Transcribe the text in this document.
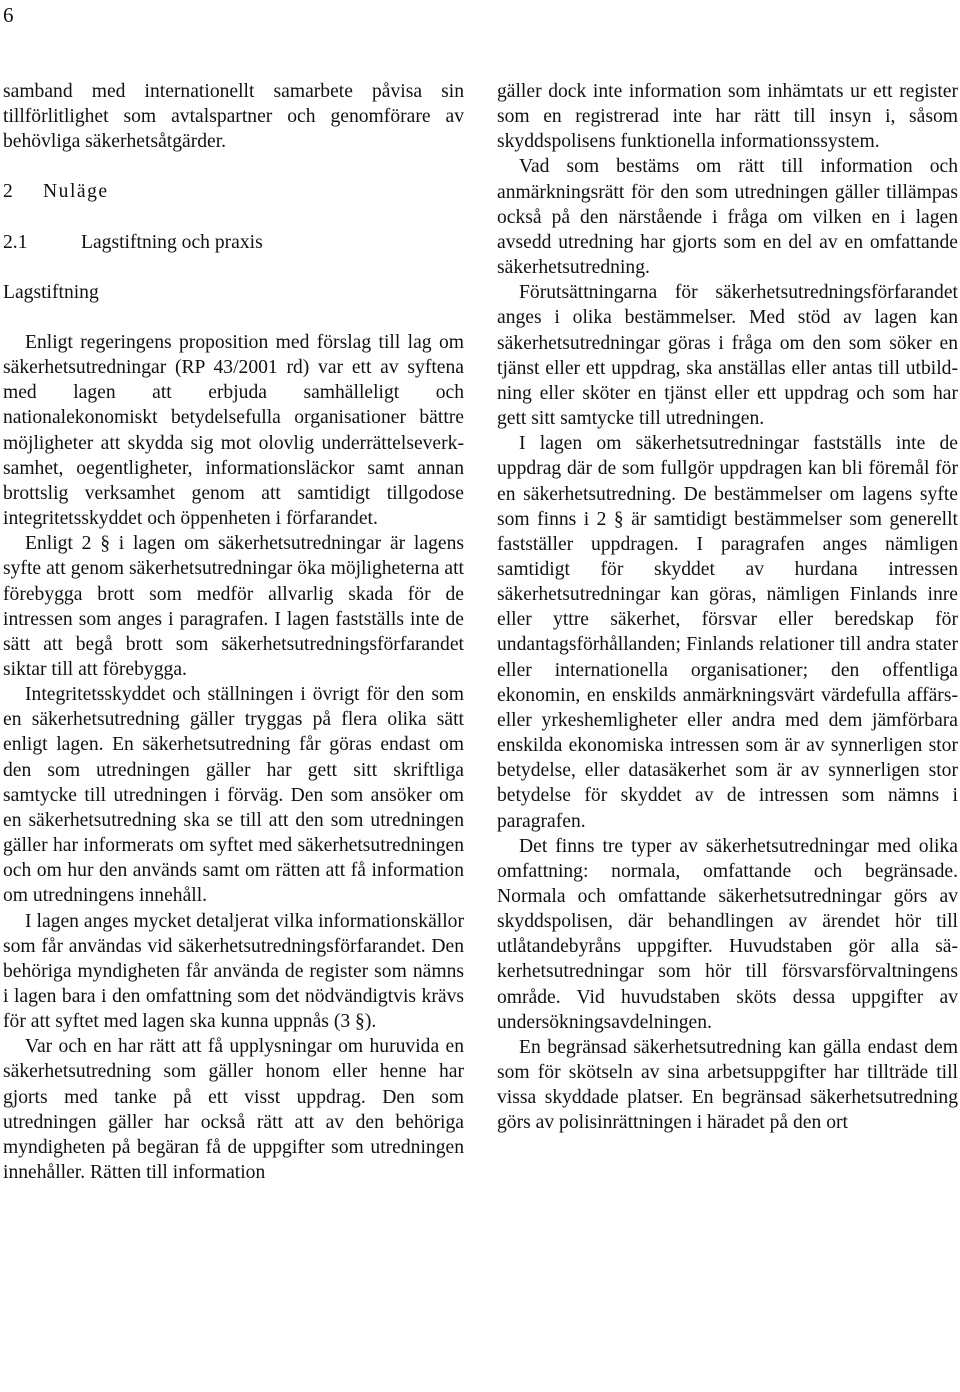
6

samband med internationellt samarbete påvisa sin tillförlitlighet som avtalspartner och genomförare av behövliga säkerhetsåtgärder.

2 Nuläge
2.1	Lagstiftning och praxis
Lagstiftning

Enligt regeringens proposition med förslag till lag om säkerhetsutredningar (RP 43/2001 rd) var ett av syftena med lagen att erbjuda samhälleligt och nationalekonomiskt betydelsefulla organisationer bättre möjligheter att skydda sig mot olovlig underrättelseverksamhet, oegentligheter, informationsläckor samt annan brottslig verksamhet genom att samtidigt tillgodose integritetsskyddet och öppenheten i förfarandet.

Enligt 2 § i lagen om säkerhetsutredningar är lagens syfte att genom säkerhetsutredningar öka möjligheterna att förebygga brott som medför allvarlig skada för de intressen som anges i paragrafen. I lagen fastställs inte de sätt att begå brott som säkerhetsutredningsförfarandet siktar till att förebygga.

Integritetsskyddet och ställningen i övrigt för den som en säkerhetsutredning gäller tryggas på flera olika sätt enligt lagen. En säkerhetsutredning får göras endast om den som utredningen gäller har gett sitt skriftliga samtycke till utredningen i förväg. Den som ansöker om en säkerhetsutredning ska se till att den som utredningen gäller har informerats om syftet med säkerhetsutredningen och om hur den används samt om rätten att få information om utredningens innehåll.

I lagen anges mycket detaljerat vilka informationskällor som får användas vid säkerhetsutredningsförfarandet. Den behöriga myndigheten får använda de register som nämns i lagen bara i den omfattning som det nödvändigtvis krävs för att syftet med lagen ska kunna uppnås (3 §).

Var och en har rätt att få upplysningar om huruvida en säkerhetsutredning som gäller honom eller henne har gjorts med tanke på ett visst uppdrag. Den som utredningen gäller har också rätt att av den behöriga myndigheten på begäran få de uppgifter som utredningen innehåller. Rätten till information

gäller dock inte information som inhämtats ur ett register som en registrerad inte har rätt till insyn i, såsom skyddspolisens funktionella informationssystem.

Vad som bestäms om rätt till information och anmärkningsrätt för den som utredningen gäller tillämpas också på den närstående i fråga om vilken en i lagen avsedd utredning har gjorts som en del av en omfattande säkerhetsutredning.

Förutsättningarna för säkerhetsutredningsförfarandet anges i olika bestämmelser. Med stöd av lagen kan säkerhetsutredningar göras i fråga om den som söker en tjänst eller ett uppdrag, ska anställas eller antas till utbildning eller sköter en tjänst eller ett uppdrag och som har gett sitt samtycke till utredningen.

I lagen om säkerhetsutredningar fastställs inte de uppdrag där de som fullgör uppdragen kan bli föremål för en säkerhetsutredning. De bestämmelser om lagens syfte som finns i 2 § är samtidigt bestämmelser som generellt fastställer uppdragen. I paragrafen anges nämligen samtidigt för skyddet av hurdana intressen säkerhetsutredningar kan göras, nämligen Finlands inre eller yttre säkerhet, försvar eller beredskap för undantagsförhållanden; Finlands relationer till andra stater eller internationella organisationer; den offentliga ekonomin, en enskilds anmärkningsvärt värdefulla affärs- eller yrkeshemligheter eller andra med dem jämförbara enskilda ekonomiska intressen som är av synnerligen stor betydelse, eller datasäkerhet som är av synnerligen stor betydelse för skyddet av de intressen som nämns i paragrafen.

Det finns tre typer av säkerhetsutredningar med olika omfattning: normala, omfattande och begränsade. Normala och omfattande säkerhetsutredningar görs av skyddspolisen, där behandlingen av ärendet hör till utlåtandebyråns uppgifter. Huvudstaben gör alla säkerhetsutredningar som hör till försvarsförvaltningens område. Vid huvudstaben sköts dessa uppgifter av undersökningsavdelningen.

En begränsad säkerhetsutredning kan gälla endast dem som för skötseln av sina arbetsuppgifter har tillträde till vissa skyddade platser. En begränsad säkerhetsutredning görs av polisinrättningen i häradet på den ort
